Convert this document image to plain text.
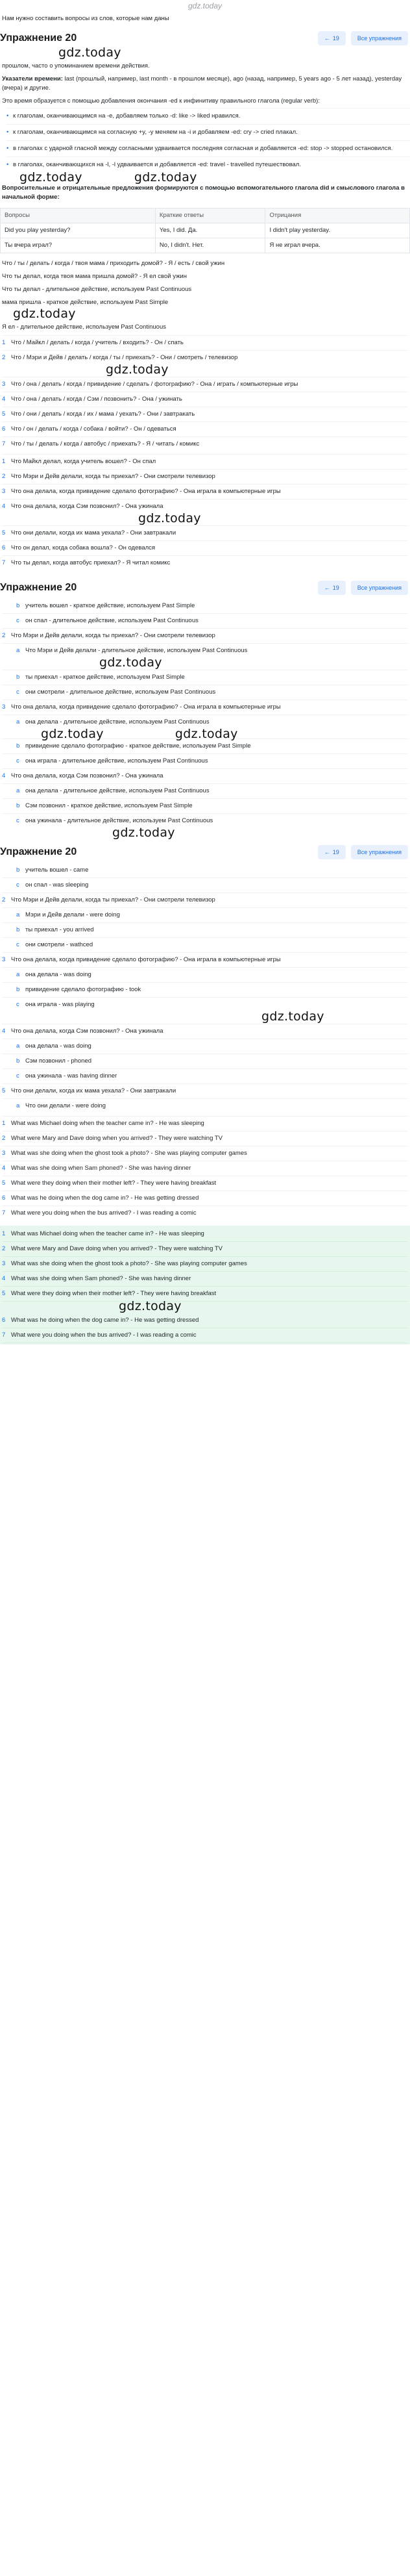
gdz.today
Нам нужно составить вопросы из слов, которые нам даны
Упражнение 20	← 19	Все упражнения
gdz.today

прошлом, часто о упоминанием времени действия.

Указатели времени: last (прошлый, например, last month - в прошлом месяце), ago (назад, например, 5 years ago - 5 лет назад), yesterday (вчера) и другие.

Это время образуется с помощью добавления окончания -ed к инфинитиву правильного глагола (regular verb):

• к глаголам, оканчивающимся на -e, добавляем только -d: like -> liked нравился.
• к глаголам, оканчивающимся на согласную +y, -y меняем на -i и добавляем -ed: cry -> cried плакал.
• в глаголах с ударной гласной между согласными удваивается последняя согласная и добавляется -ed: stop -> stopped остановился.
• в глаголах, оканчивающихся на -l, -l удваивается и добавляется -ed: travel - travelled путешествовал.
gdz.today	gdz.today

Вопросительные и отрицательные предложения формируются с помощью вспомогательного глагола did и смыслового глагола в начальной форме:

Вопросы	Краткие ответы	Отрицания
Did you play yesterday?	Yes, I did. Да.	I didn't play yesterday.
Ты вчера играл?	No, I didn't. Нет.	Я не играл вчера.

Что / ты / делать / когда / твоя мама / приходить домой? - Я / есть / свой ужин

Что ты делал, когда твоя мама пришла домой? - Я ел свой ужин

Что ты делал - длительное действие, используем Past Continuous

мама пришла - краткое действие, используем Past Simple

gdz.today

Я ел - длительное действие, используем Past Continuous

1 Что / Майкл / делать / когда / учитель / входить? - Он / спать
2 Что / Мэри и Дейв / делать / когда / ты / приехать? - Они / смотреть / телевизор
gdz.today
3 Что / она / делать / когда / привидение / сделать / фотографию? - Она / играть / компьютерные игры
4 Что / она / делать / когда / Сэм / позвонить? - Она / ужинать
5 Что / они / делать / когда / их / мама / уехать? - Они / завтракать
6 Что / он / делать / когда / собака / войти? - Он / одеваться
7 Что / ты / делать / когда / автобус / приехать? - Я / читать / комикс
1 Что Майкл делал, когда учитель вошел? - Он спал
2 Что Мэри и Дейв делали, когда ты приехал? - Они смотрели телевизор
3 Что она делала, когда привидение сделало фотографию? - Она играла в компьютерные игры
4 Что она делала, когда Сэм позвонил? - Она ужинала
gdz.today
5 Что они делали, когда их мама уехала? - Они завтракали
6 Что он делал, когда собака вошла? - Он одевался
7 Что ты делал, когда автобус приехал? - Я читал комикс
Упражнение 20	← 19	Все упражнения
b учитель вошел - краткое действие, используем Past Simple
c он спал - длительное действие, используем Past Continuous
2 Что Мэри и Дейв делали, когда ты приехал? - Они смотрели телевизор
a Что Мэри и Дейв делали - длительное действие, используем Past Continuous
gdz.today
b ты приехал - краткое действие, используем Past Simple
c они смотрели - длительное действие, используем Past Continuous
3 Что она делала, когда привидение сделало фотографию? - Она играла в компьютерные игры
a она делала - длительное действие, используем Past Continuous
gdz.today	gdz.today
b привидение сделало фотографию - краткое действие, используем Past Simple
c она играла - длительное действие, используем Past Continuous
4 Что она делала, когда Сэм позвонил? - Она ужинала
a она делала - длительное действие, используем Past Continuous
b Сэм позвонил - краткое действие, используем Past Simple
c она ужинала - длительное действие, используем Past Continuous
gdz.today
Упражнение 20	← 19	Все упражнения
b учитель вошел - came
c он спал - was sleeping
2 Что Мэри и Дейв делали, когда ты приехал? - Они смотрели телевизор
a Мэри и Дейв делали - were doing
b ты приехал - you arrived
c они смотрели - wathced
3 Что она делала, когда привидение сделало фотографию? - Она играла в компьютерные игры
a она делала - was doing
b привидение сделало фотографию - took
c она играла - was playing
gdz.today
4 Что она делала, когда Сэм позвонил? - Она ужинала
a она делала - was doing
b Сэм позвонил - phoned
c она ужинала - was having dinner
5 Что они делали, когда их мама уехала? - Они завтракали
a Что они делали - were doing
1 What was Michael doing when the teacher came in? - He was sleeping
2 What were Mary and Dave doing when you arrived? - They were watching TV
3 What was she doing when the ghost took a photo? - She was playing computer games
4 What was she doing when Sam phoned? - She was having dinner
5 What were they doing when their mother left? - They were having breakfast
6 What was he doing when the dog came in? - He was getting dressed
7 What were you doing when the bus arrived? - I was reading a comic
1 What was Michael doing when the teacher came in? - He was sleeping
2 What were Mary and Dave doing when you arrived? - They were watching TV
3 What was she doing when the ghost took a photo? - She was playing computer games
4 What was she doing when Sam phoned? - She was having dinner
5 What were they doing when their mother left? - They were having breakfast
gdz.today
6 What was he doing when the dog came in? - He was getting dressed
7 What were you doing when the bus arrived? - I was reading a comic
